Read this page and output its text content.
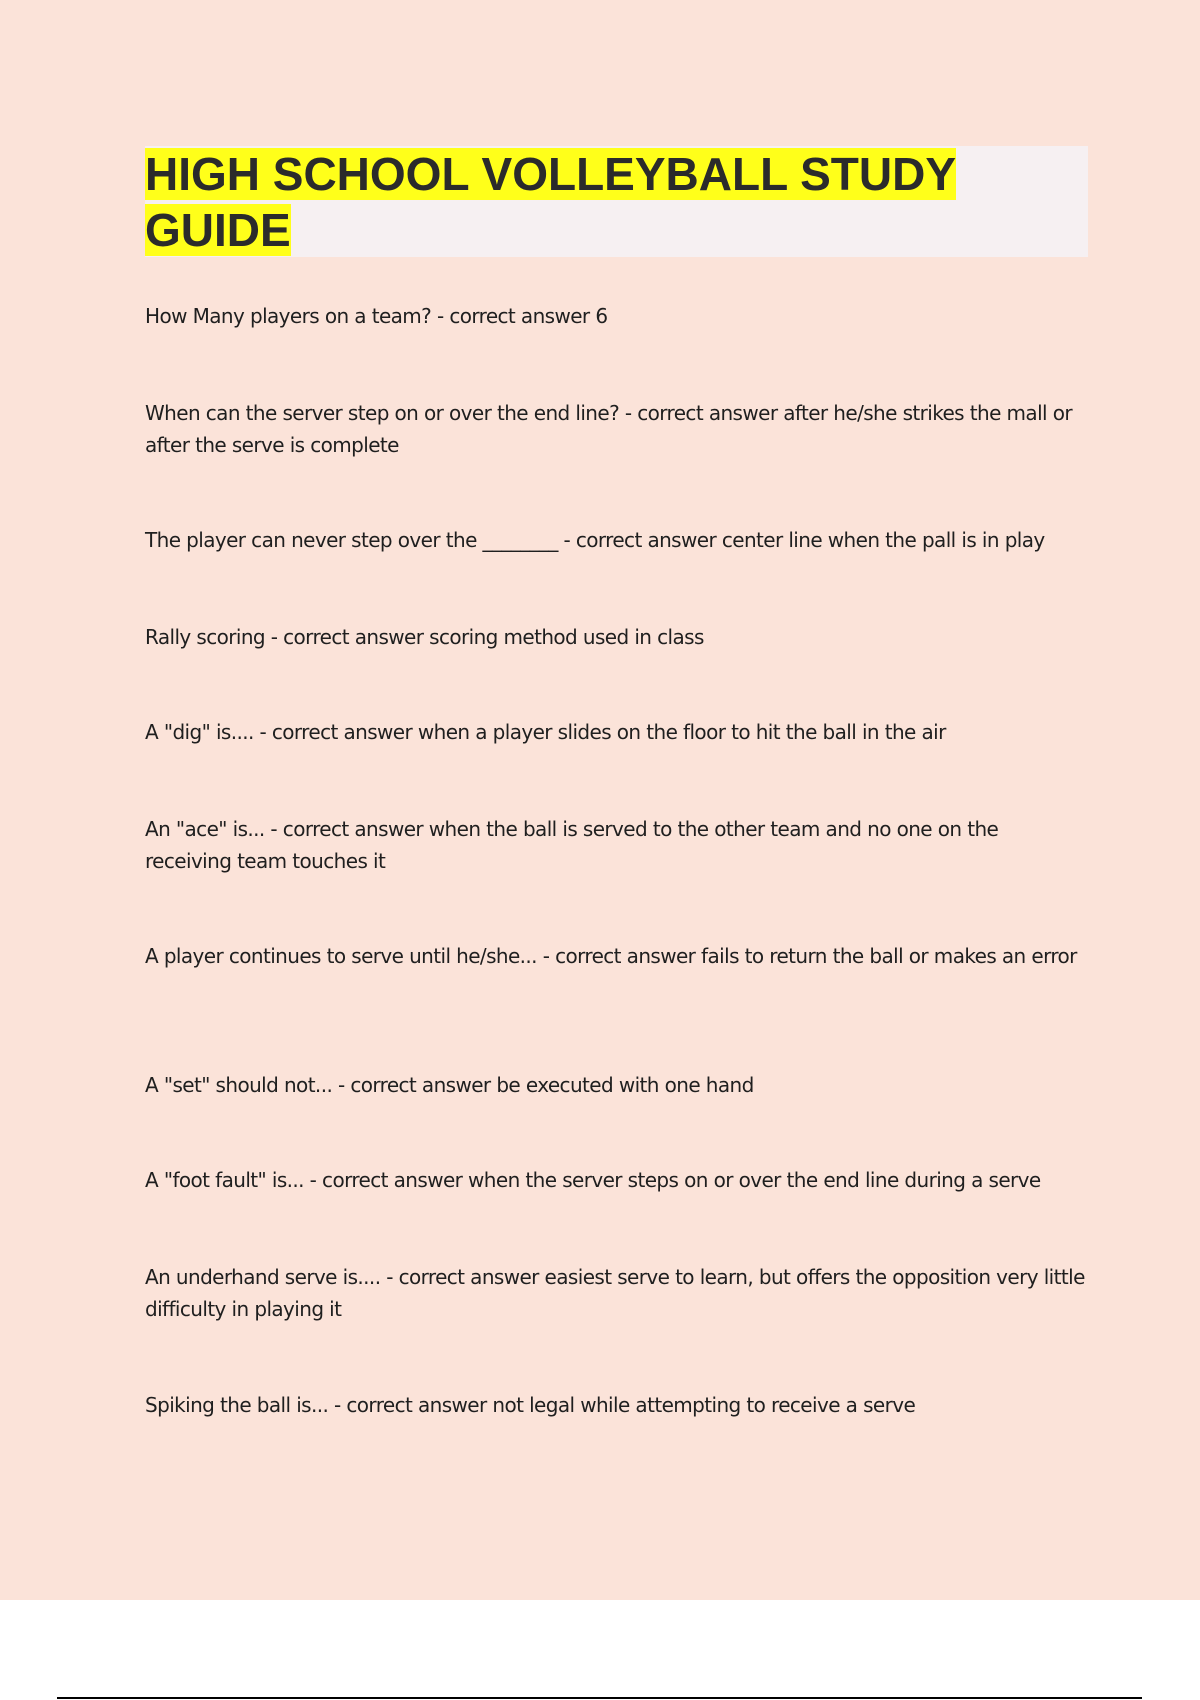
HIGH SCHOOL VOLLEYBALL STUDY
GUIDE
How Many players on a team? - correct answer 6
When can the server step on or over the end line? - correct answer after he/she strikes the mall or after the serve is complete
The player can never step over the ________ - correct answer center line when the pall is in play
Rally scoring - correct answer scoring method used in class
A "dig" is.... - correct answer when a player slides on the floor to hit the ball in the air
An "ace" is... - correct answer when the ball is served to the other team and no one on the receiving team touches it
A player continues to serve until he/she... - correct answer fails to return the ball or makes an error
A "set" should not... - correct answer be executed with one hand
A "foot fault" is... - correct answer when the server steps on or over the end line during a serve
An underhand serve is.... - correct answer easiest serve to learn, but offers the opposition very little difficulty in playing it
Spiking the ball is... - correct answer not legal while attempting to receive a serve
